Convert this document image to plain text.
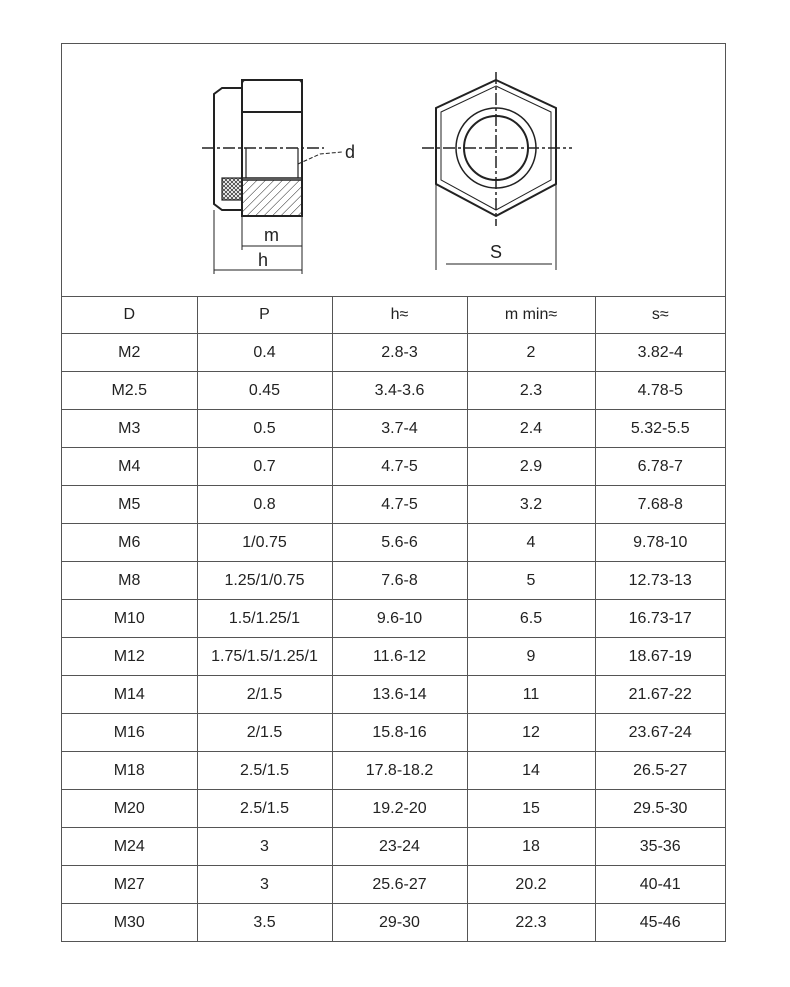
d
m
h	S
D	P	h≈	m min≈	s≈
M2	0.4	2.8-3	2	3.82-4
M2.5	0.45	3.4-3.6	2.3	4.78-5
M3	0.5	3.7-4	2.4	5.32-5.5
M4	0.7	4.7-5	2.9	6.78-7
M5	0.8	4.7-5	3.2	7.68-8
M6	1/0.75	5.6-6	4	9.78-10
M8	1.25/1/0.75	7.6-8	5	12.73-13
M10	1.5/1.25/1	9.6-10	6.5	16.73-17
M12	1.75/1.5/1.25/1	11.6-12	9	18.67-19
M14	2/1.5	13.6-14	11	21.67-22
M16	2/1.5	15.8-16	12	23.67-24
M18	2.5/1.5	17.8-18.2	14	26.5-27
M20	2.5/1.5	19.2-20	15	29.5-30
M24	3	23-24	18	35-36
M27	3	25.6-27	20.2	40-41
M30	3.5	29-30	22.3	45-46
